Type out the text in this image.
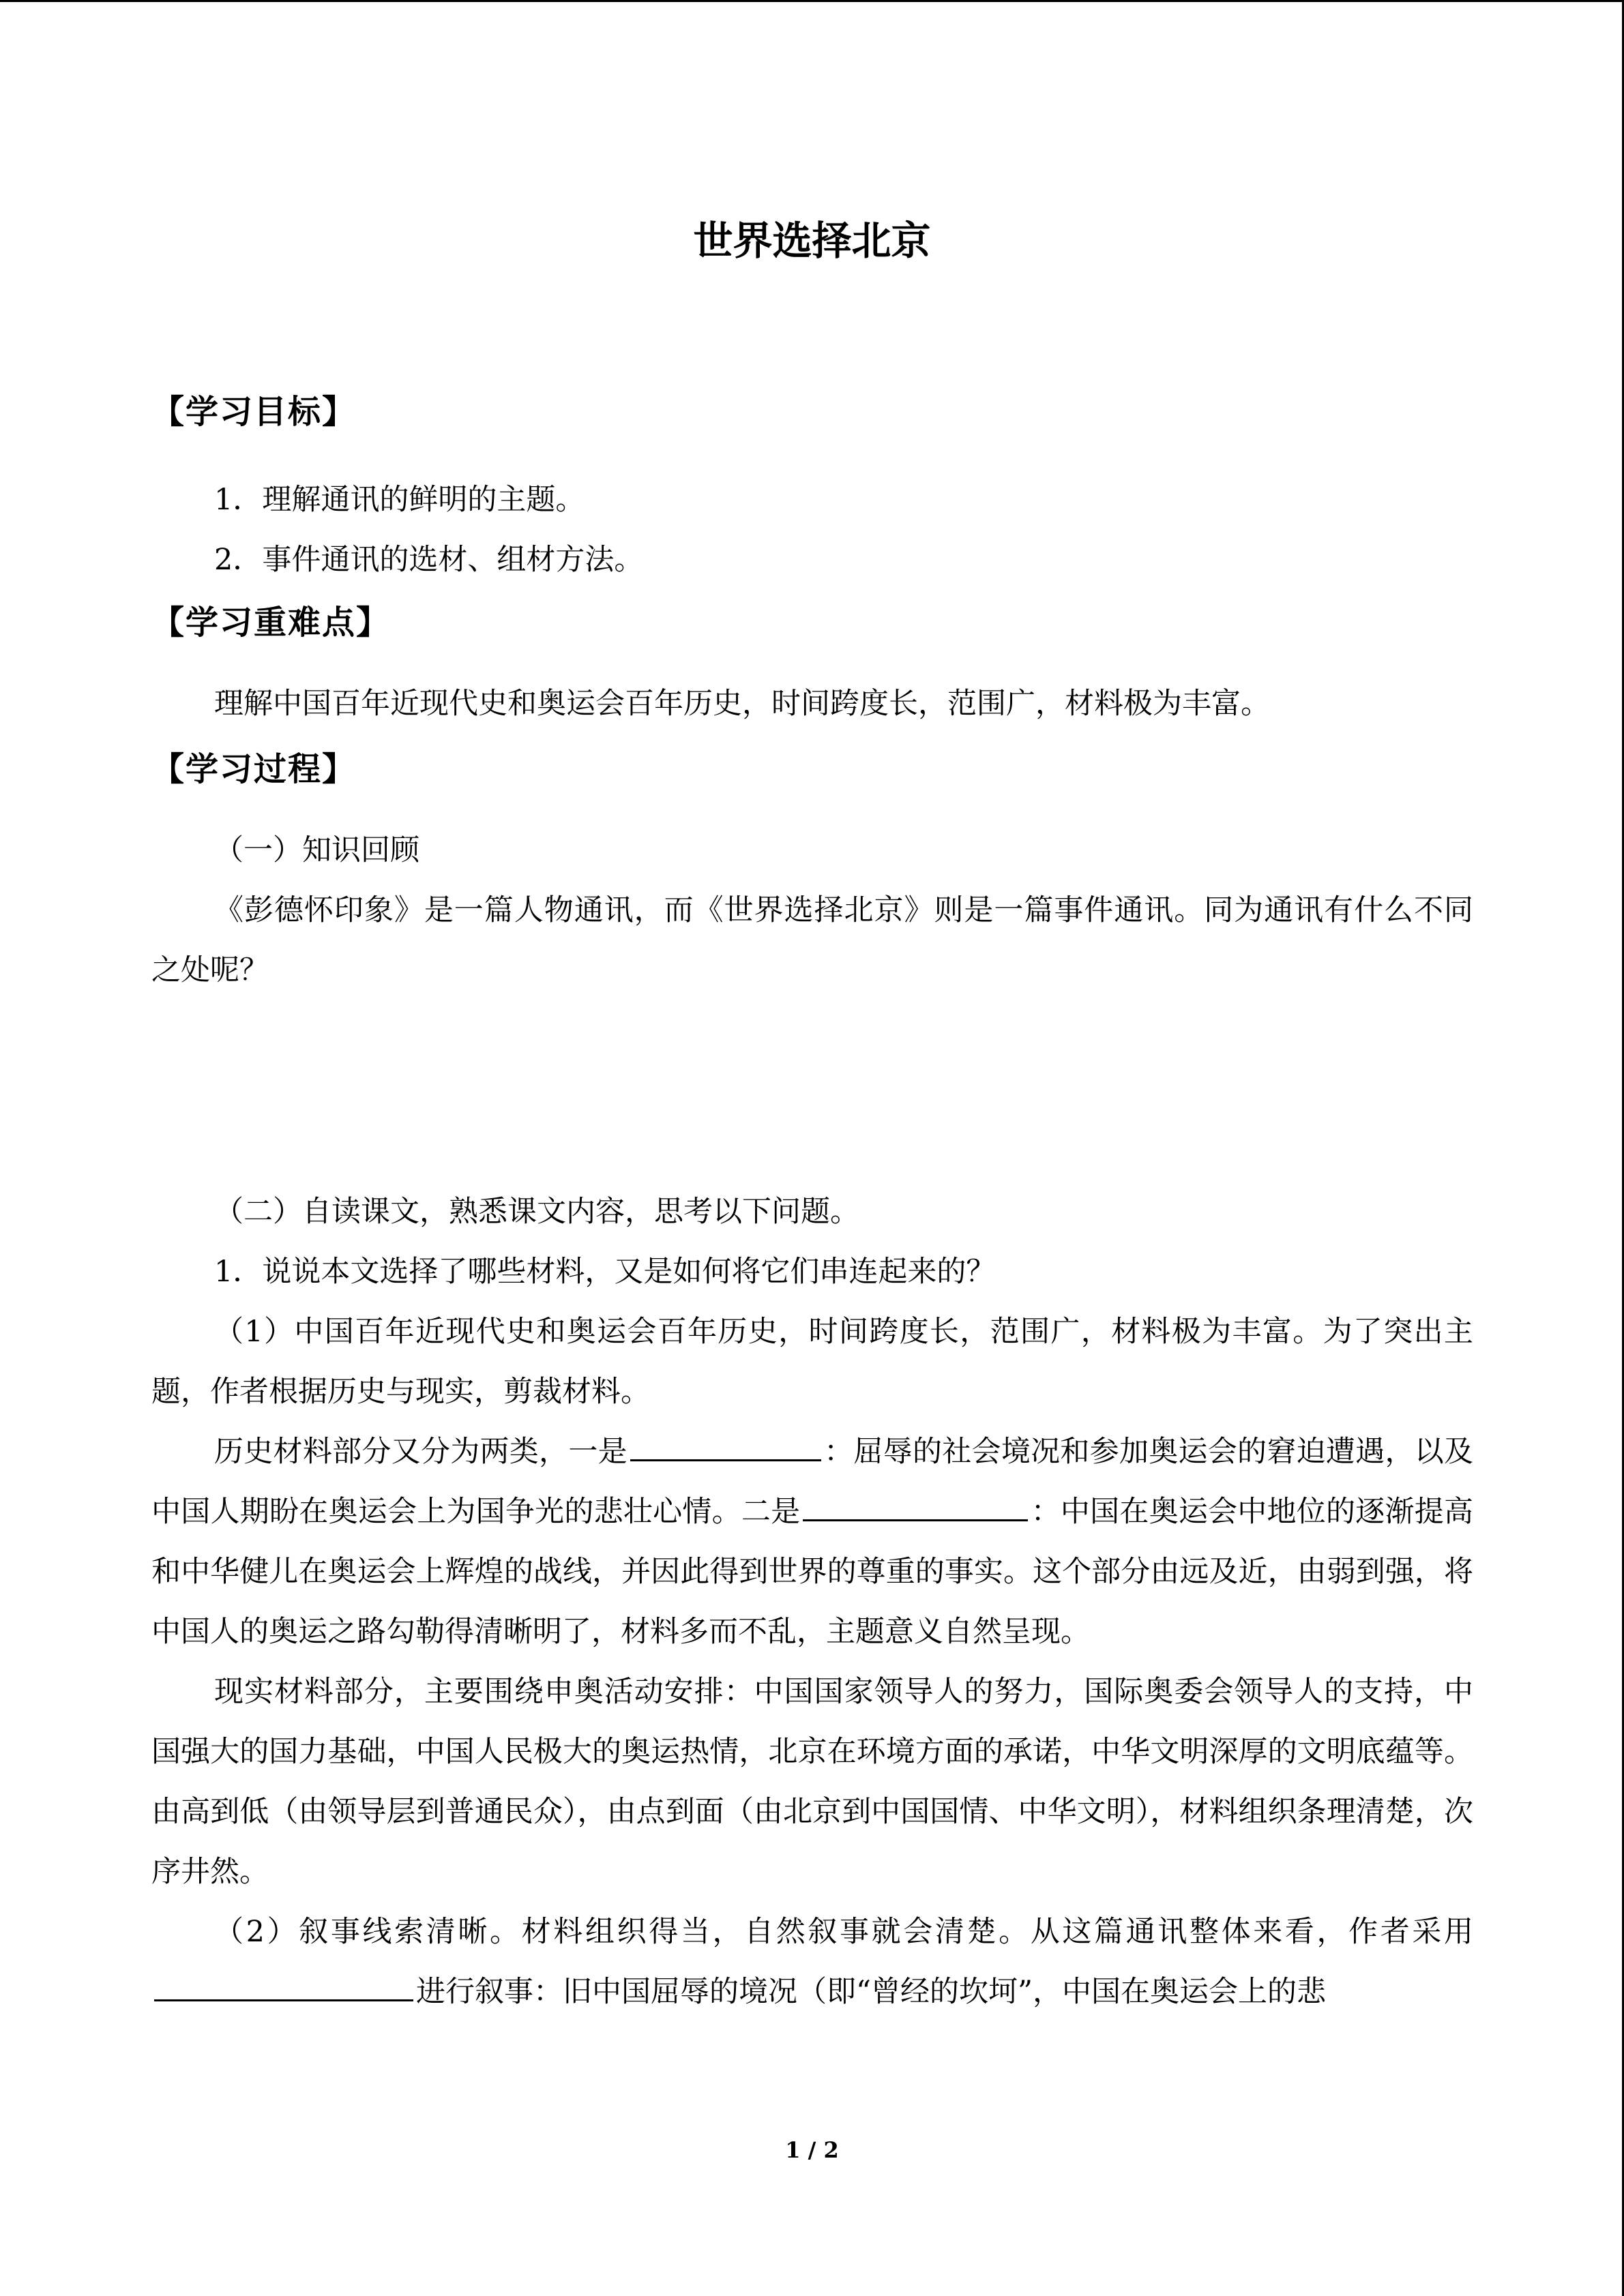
世界选择北京
【学习目标】

1．理解通讯的鲜明的主题。

2．事件通讯的选材、组材方法。

【学习重难点】

理解中国百年近现代史和奥运会百年历史，时间跨度长，范围广，材料极为丰富。

【学习过程】

（一）知识回顾

《彭德怀印象》是一篇人物通讯，而《世界选择北京》则是一篇事件通讯。同为通讯有什么不同之处呢？

（二）自读课文，熟悉课文内容，思考以下问题。

1．说说本文选择了哪些材料，又是如何将它们串连起来的？

（1）中国百年近现代史和奥运会百年历史，时间跨度长，范围广，材料极为丰富。为了突出主题，作者根据历史与现实，剪裁材料。

历史材料部分又分为两类，一是	：屈辱的社会境况和参加奥运会的窘迫遭遇，以及中国人期盼在奥运会上为国争光的悲壮心情。二是	：中国在奥运会中地位的逐渐提高和中华健儿在奥运会上辉煌的战线，并因此得到世界的尊重的事实。这个部分由远及近，由弱到强，将中国人的奥运之路勾勒得清晰明了，材料多而不乱，主题意义自然呈现。

现实材料部分，主要围绕申奥活动安排：中国国家领导人的努力，国际奥委会领导人的支持，中国强大的国力基础，中国人民极大的奥运热情，北京在环境方面的承诺，中华文明深厚的文明底蕴等。由高到低（由领导层到普通民众），由点到面（由北京到中国国情、中华文明），材料组织条理清楚，次序井然。

（2）叙事线索清晰。材料组织得当，自然叙事就会清楚。从这篇通讯整体来看，作者采用进行叙事：旧中国屈辱的境况（即“曾经的坎坷”，中国在奥运会上的悲

1 / 2
